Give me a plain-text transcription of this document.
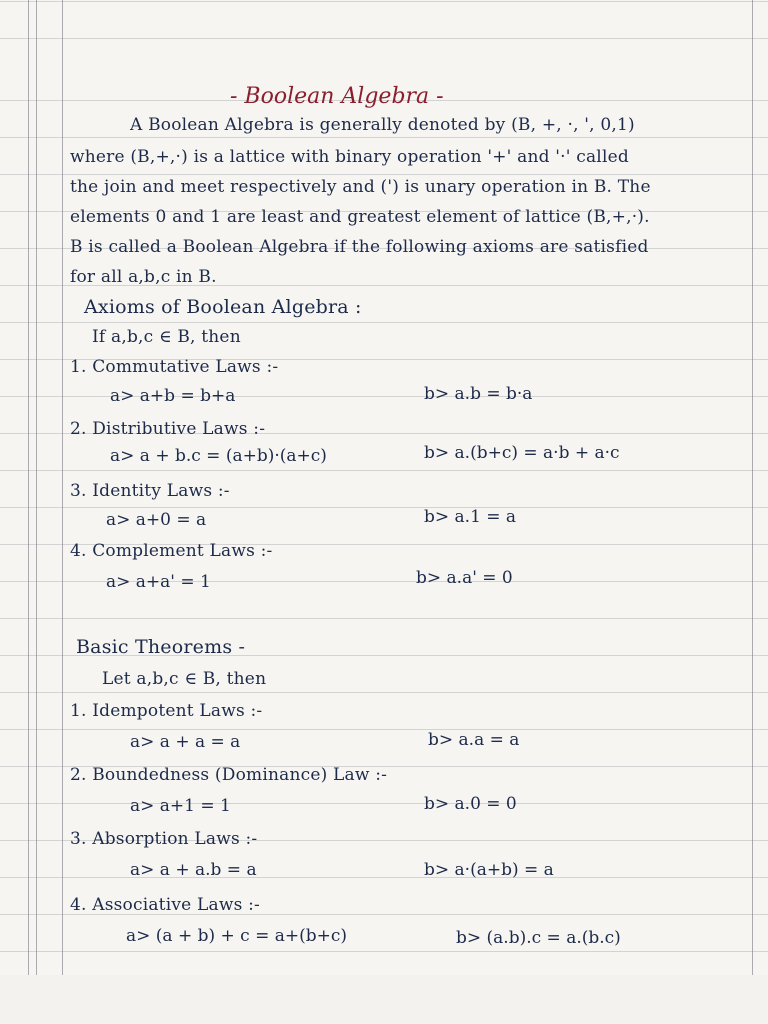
- Boolean Algebra -
A Boolean Algebra is generally denoted by (B, +, ·, ', 0,1)
where (B,+,·) is a lattice with binary operation '+' and '·' called
the join and meet respectively and (') is unary operation in B. The
elements 0 and 1 are least and greatest element of lattice (B,+,·).
B is called a Boolean Algebra if the following axioms are satisfied
for all a,b,c in B.
Axioms of Boolean Algebra :
If a,b,c ∈ B, then
1. Commutative Laws :-
a> a+b = b+a	b> a.b = b·a
2. Distributive Laws :-
a> a + b.c = (a+b)·(a+c)	b> a.(b+c) = a·b + a·c
3. Identity Laws :-
a> a+0 = a	b> a.1 = a
4. Complement Laws :-
a> a+a' = 1	b> a.a' = 0
Basic Theorems -
Let a,b,c ∈ B, then
1. Idempotent Laws :-
a> a + a = a	b> a.a = a
2. Boundedness (Dominance) Law :-
a> a+1 = 1	b> a.0 = 0
3. Absorption Laws :-
a> a + a.b = a	b> a·(a+b) = a
4. Associative Laws :-
a> (a + b) + c = a+(b+c)	b> (a.b).c = a.(b.c)
